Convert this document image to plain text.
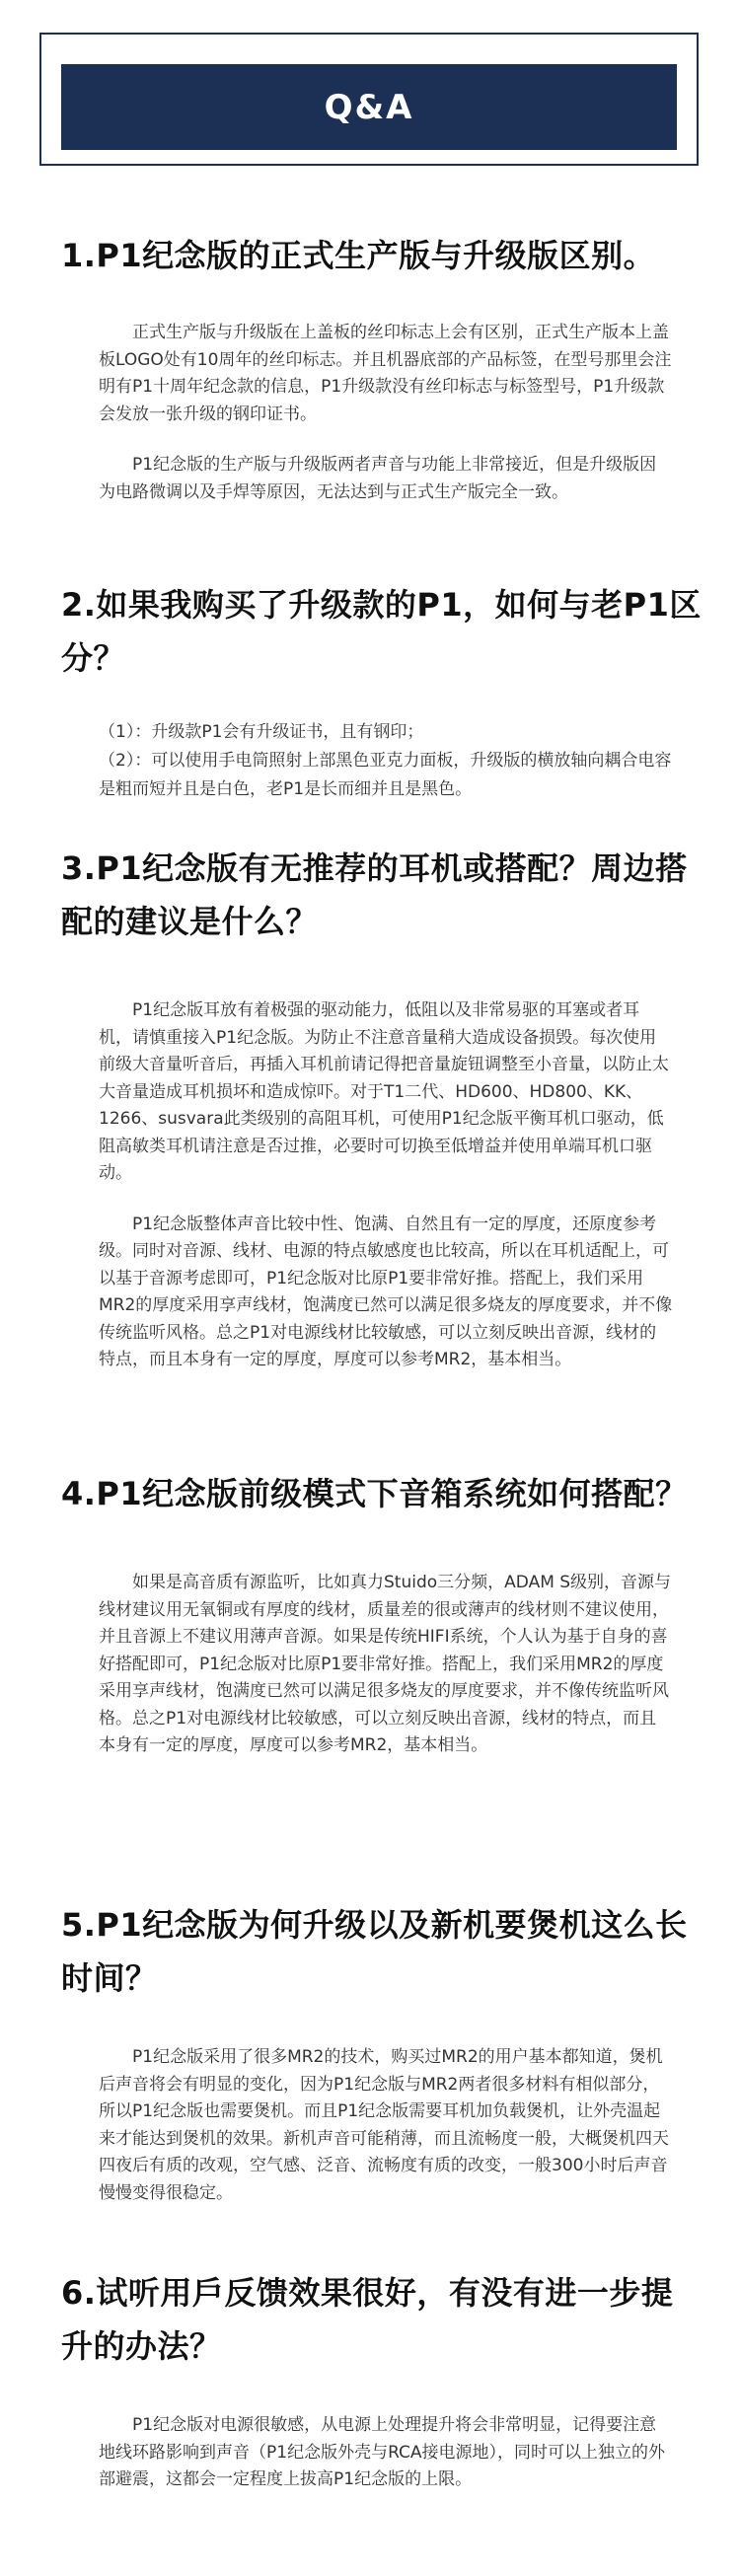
Q&A
1.P1纪念版的正式生产版与升级版区别。

正式生产版与升级版在上盖板的丝印标志上会有区别，正式生产版本上盖板LOGO处有10周年的丝印标志。并且机器底部的产品标签，在型号那里会注明有P1十周年纪念款的信息，P1升级款没有丝印标志与标签型号，P1升级款会发放一张升级的钢印证书。

P1纪念版的生产版与升级版两者声音与功能上非常接近，但是升级版因为电路微调以及手焊等原因，无法达到与正式生产版完全一致。

2.如果我购买了升级款的P1，如何与老P1区分？

（1）：升级款P1会有升级证书，且有钢印；

（2）：可以使用手电筒照射上部黑色亚克力面板，升级版的横放轴向耦合电容是粗而短并且是白色，老P1是长而细并且是黑色。

3.P1纪念版有无推荐的耳机或搭配？周边搭配的建议是什么？

P1纪念版耳放有着极强的驱动能力，低阻以及非常易驱的耳塞或者耳机，请慎重接入P1纪念版。为防止不注意音量稍大造成设备损毁。每次使用前级大音量听音后，再插入耳机前请记得把音量旋钮调整至小音量，以防止太大音量造成耳机损坏和造成惊吓。对于T1二代、HD600、HD800、KK、1266、susvara此类级别的高阻耳机，可使用P1纪念版平衡耳机口驱动，低阻高敏类耳机请注意是否过推，必要时可切换至低增益并使用单端耳机口驱动。

P1纪念版整体声音比较中性、饱满、自然且有一定的厚度，还原度参考级。同时对音源、线材、电源的特点敏感度也比较高，所以在耳机适配上，可以基于音源考虑即可，P1纪念版对比原P1要非常好推。搭配上，我们采用MR2的厚度采用享声线材，饱满度已然可以满足很多烧友的厚度要求，并不像传统监听风格。总之P1对电源线材比较敏感，可以立刻反映出音源，线材的特点，而且本身有一定的厚度，厚度可以参考MR2，基本相当。

4.P1纪念版前级模式下音箱系统如何搭配？

如果是高音质有源监听，比如真力Stuido三分频，ADAM S级别，音源与线材建议用无氧铜或有厚度的线材，质量差的很或薄声的线材则不建议使用，并且音源上不建议用薄声音源。如果是传统HIFI系统，个人认为基于自身的喜好搭配即可，P1纪念版对比原P1要非常好推。搭配上，我们采用MR2的厚度采用享声线材，饱满度已然可以满足很多烧友的厚度要求，并不像传统监听风格。总之P1对电源线材比较敏感，可以立刻反映出音源，线材的特点，而且本身有一定的厚度，厚度可以参考MR2，基本相当。

5.P1纪念版为何升级以及新机要煲机这么长时间？

P1纪念版采用了很多MR2的技术，购买过MR2的用户基本都知道，煲机后声音将会有明显的变化，因为P1纪念版与MR2两者很多材料有相似部分，所以P1纪念版也需要煲机。而且P1纪念版需要耳机加负载煲机，让外壳温起来才能达到煲机的效果。新机声音可能稍薄，而且流畅度一般，大概煲机四天四夜后有质的改观，空气感、泛音、流畅度有质的改变，一般300小时后声音慢慢变得很稳定。

6.试听用戶反馈效果很好，有没有进一步提升的办法？

P1纪念版对电源很敏感，从电源上处理提升将会非常明显，记得要注意地线环路影响到声音（P1纪念版外壳与RCA接电源地），同时可以上独立的外部避震，这都会一定程度上拔高P1纪念版的上限。
